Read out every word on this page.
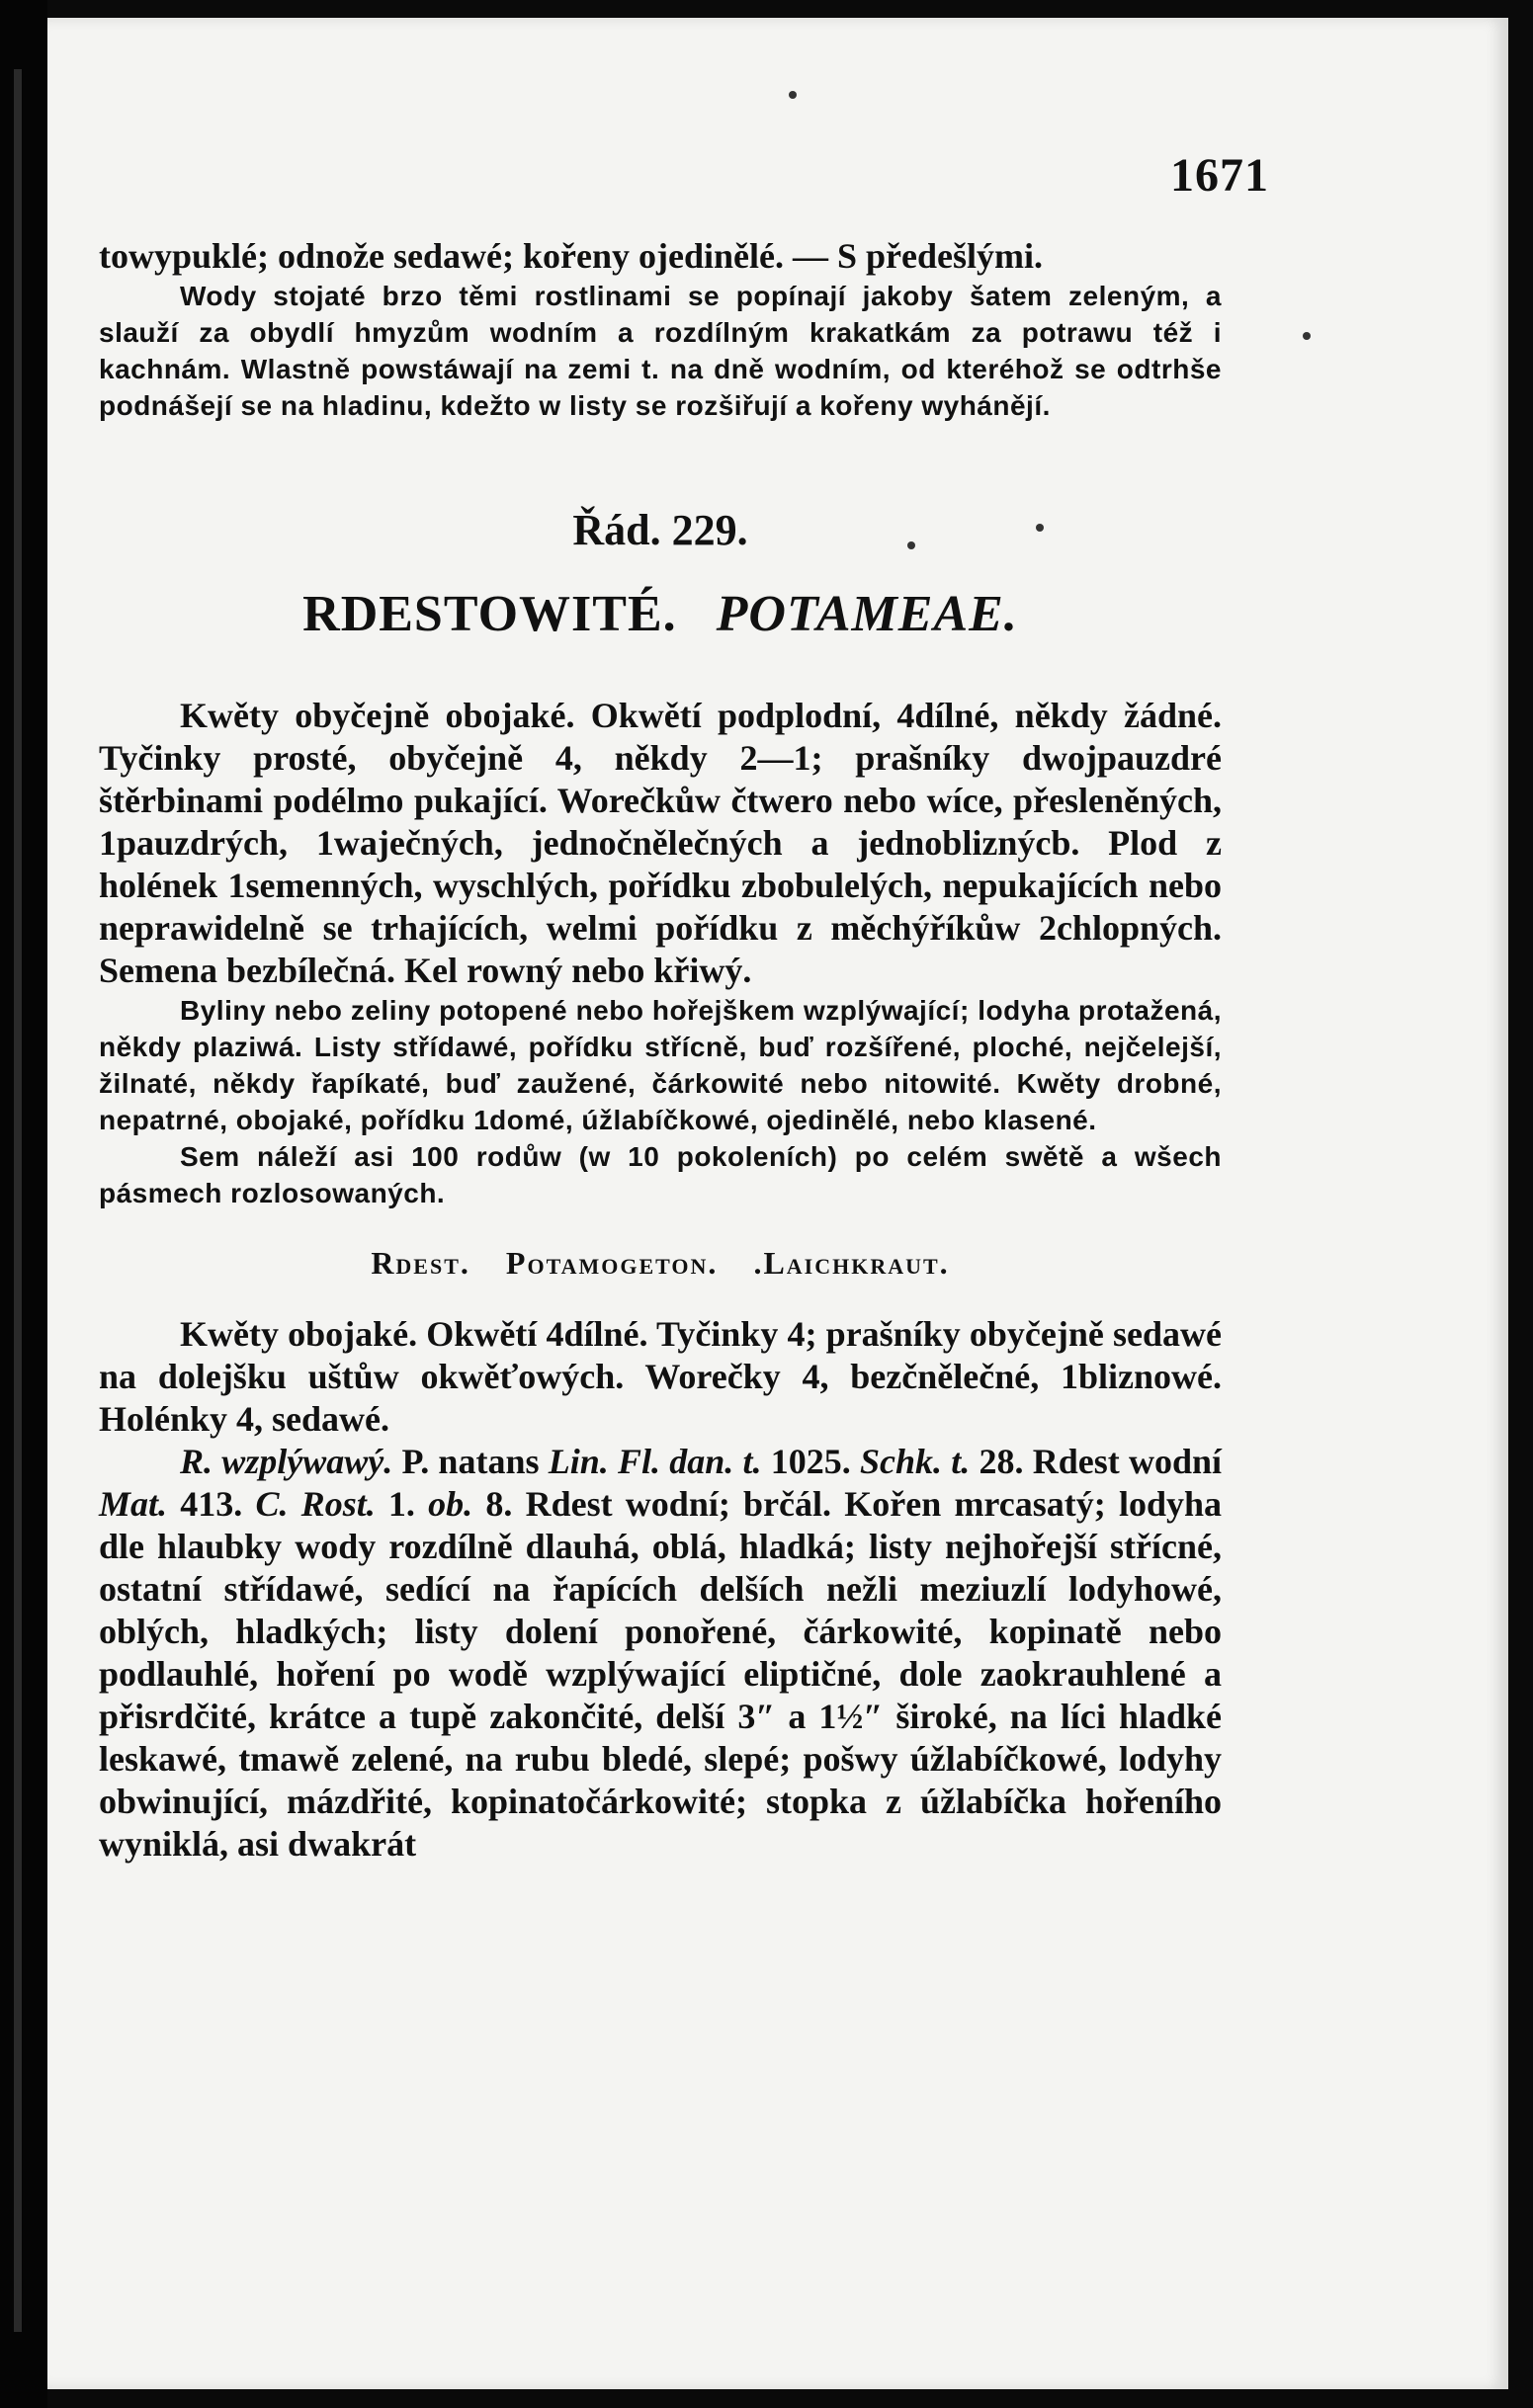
1671

towypuklé; odnože sedawé; kořeny ojedinělé. — S předešlými.

Wody stojaté brzo těmi rostlinami se popínají jakoby šatem zeleným, a slauží za obydlí hmyzům wodním a rozdílným krakatkám za potrawu též i kachnám. Wlastně powstáwají na zemi t. na dně wodním, od kteréhož se odtrhše podnášejí se na hladinu, kdežto w listy se rozšiřují a kořeny wyhánějí.

Řád. 229.
RDESTOWITÉ. POTAMEAE.

Kwěty obyčejně obojaké. Okwětí podplodní, 4dílné, někdy žádné. Tyčinky prosté, obyčejně 4, někdy 2—1; prašníky dwojpauzdré štěrbinami podélmo pukající. Worečkůw čtwero nebo wíce, přesleněných, 1pauzdrých, 1waječných, jednočnělečných a jednobliznýcb. Plod z holének 1semenných, wyschlých, pořídku zbobulelých, nepukajících nebo neprawidelně se trhajících, welmi pořídku z měchýříkůw 2chlopných. Semena bezbílečná. Kel rowný nebo křiwý.

Byliny nebo zeliny potopené nebo hořejškem wzplýwající; lodyha protažená, někdy plaziwá. Listy střídawé, pořídku střícně, buď rozšířené, ploché, nejčelejší, žilnaté, někdy řapíkaté, buď zaužené, čárkowité nebo nitowité. Kwěty drobné, nepatrné, obojaké, pořídku 1domé, úžlabíčkowé, ojedinělé, nebo klasené.

Sem náleží asi 100 rodůw (w 10 pokoleních) po celém swětě a wšech pásmech rozlosowaných.

Rdest. Potamogeton. .Laichkraut.

Kwěty obojaké. Okwětí 4dílné. Tyčinky 4; prašníky obyčejně sedawé na dolejšku uštůw okwěťowých. Worečky 4, bezčnělečné, 1bliznowé. Holénky 4, sedawé.

R. wzplýwawý. P. natans Lin. Fl. dan. t. 1025. Schk. t. 28. Rdest wodní Mat. 413. C. Rost. 1. ob. 8. Rdest wodní; brčál. Kořen mrcasatý; lodyha dle hlaubky wody rozdílně dlauhá, oblá, hladká; listy nejhořejší střícné, ostatní střídawé, sedící na řapících delších nežli meziuzlí lodyhowé, oblých, hladkých; listy dolení ponořené, čárkowité, kopinatě nebo podlauhlé, hoření po wodě wzplýwající eliptičné, dole zaokrauhlené a přisrdčité, krátce a tupě zakončité, delší 3″ a 1½″ široké, na líci hladké leskawé, tmawě zelené, na rubu bledé, slepé; pošwy úžlabíčkowé, lodyhy obwinující, mázdřité, kopinatočárkowité; stopka z úžlabíčka hořeního wyniklá, asi dwakrát
